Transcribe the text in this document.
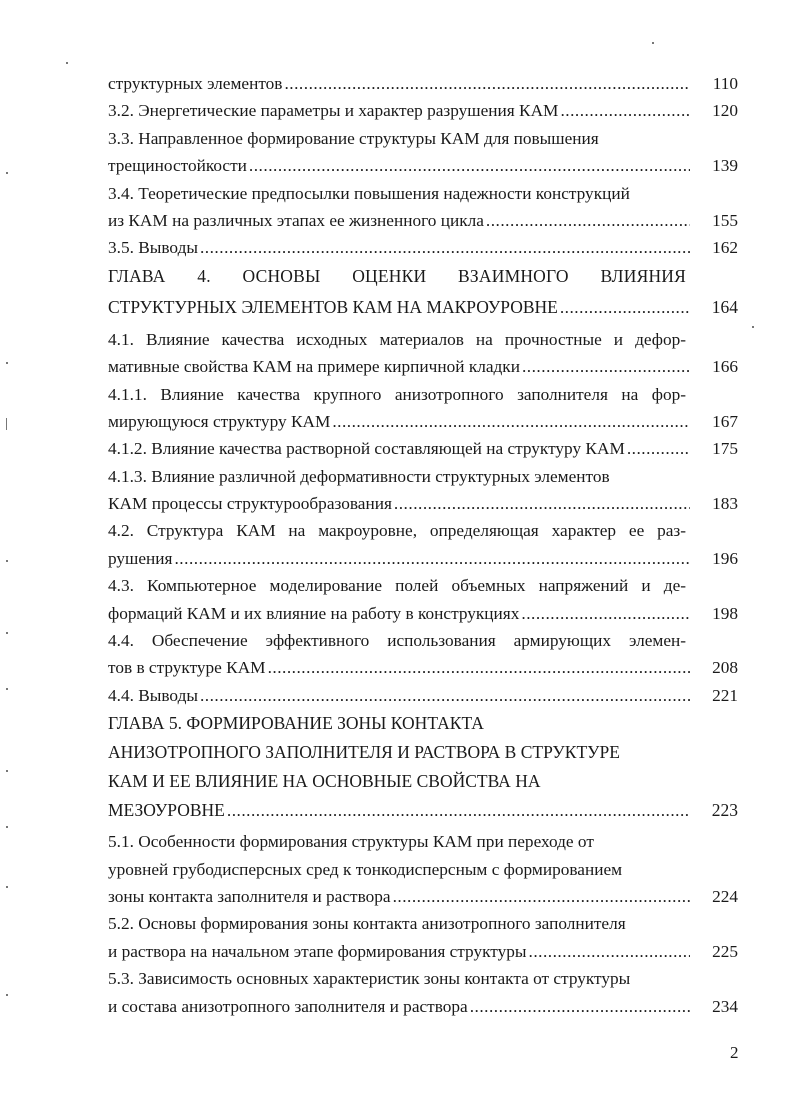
структурных элементов .....	110
3.2. Энергетические параметры и характер разрушения КАМ .....	120
3.3. Направленное формирование структуры КАМ для повышения
трещиностойкости .....	139
3.4. Теоретические предпосылки повышения надежности конструкций
из КАМ на различных этапах ее жизненного цикла .....	155
3.5. Выводы .....	162
ГЛАВА 4. ОСНОВЫ ОЦЕНКИ ВЗАИМНОГО ВЛИЯНИЯ
СТРУКТУРНЫХ ЭЛЕМЕНТОВ КАМ НА МАКРОУРОВНЕ .....	164
4.1. Влияние качества исходных материалов на прочностные и дефор-
мативные свойства КАМ на примере кирпичной кладки .....	166
4.1.1. Влияние качества крупного анизотропного заполнителя на фор-
мирующуюся структуру КАМ .....	167
4.1.2. Влияние качества растворной составляющей на структуру КАМ .....	175
4.1.3. Влияние различной деформативности структурных элементов
КАМ процессы структурообразования .....	183
4.2. Структура КАМ на макроуровне, определяющая характер ее раз-
рушения .....	196
4.3. Компьютерное моделирование полей объемных напряжений и де-
формаций КАМ и их влияние на работу в конструкциях .....	198
4.4. Обеспечение эффективного использования армирующих элемен-
тов в структуре КАМ .....	208
4.4. Выводы .....	221
ГЛАВА 5. ФОРМИРОВАНИЕ ЗОНЫ КОНТАКТА
АНИЗОТРОПНОГО ЗАПОЛНИТЕЛЯ И РАСТВОРА В СТРУКТУРЕ
КАМ И ЕЕ ВЛИЯНИЕ НА ОСНОВНЫЕ СВОЙСТВА НА
МЕЗОУРОВНЕ .....	223
5.1. Особенности формирования структуры КАМ при переходе от
уровней грубодисперсных сред к тонкодисперсным с формированием
зоны контакта заполнителя и раствора .....	224
5.2. Основы формирования зоны контакта анизотропного заполнителя
и раствора на начальном этапе формирования структуры .....	225
5.3. Зависимость основных характеристик зоны контакта от структуры
и состава анизотропного заполнителя и раствора .....	234
2
